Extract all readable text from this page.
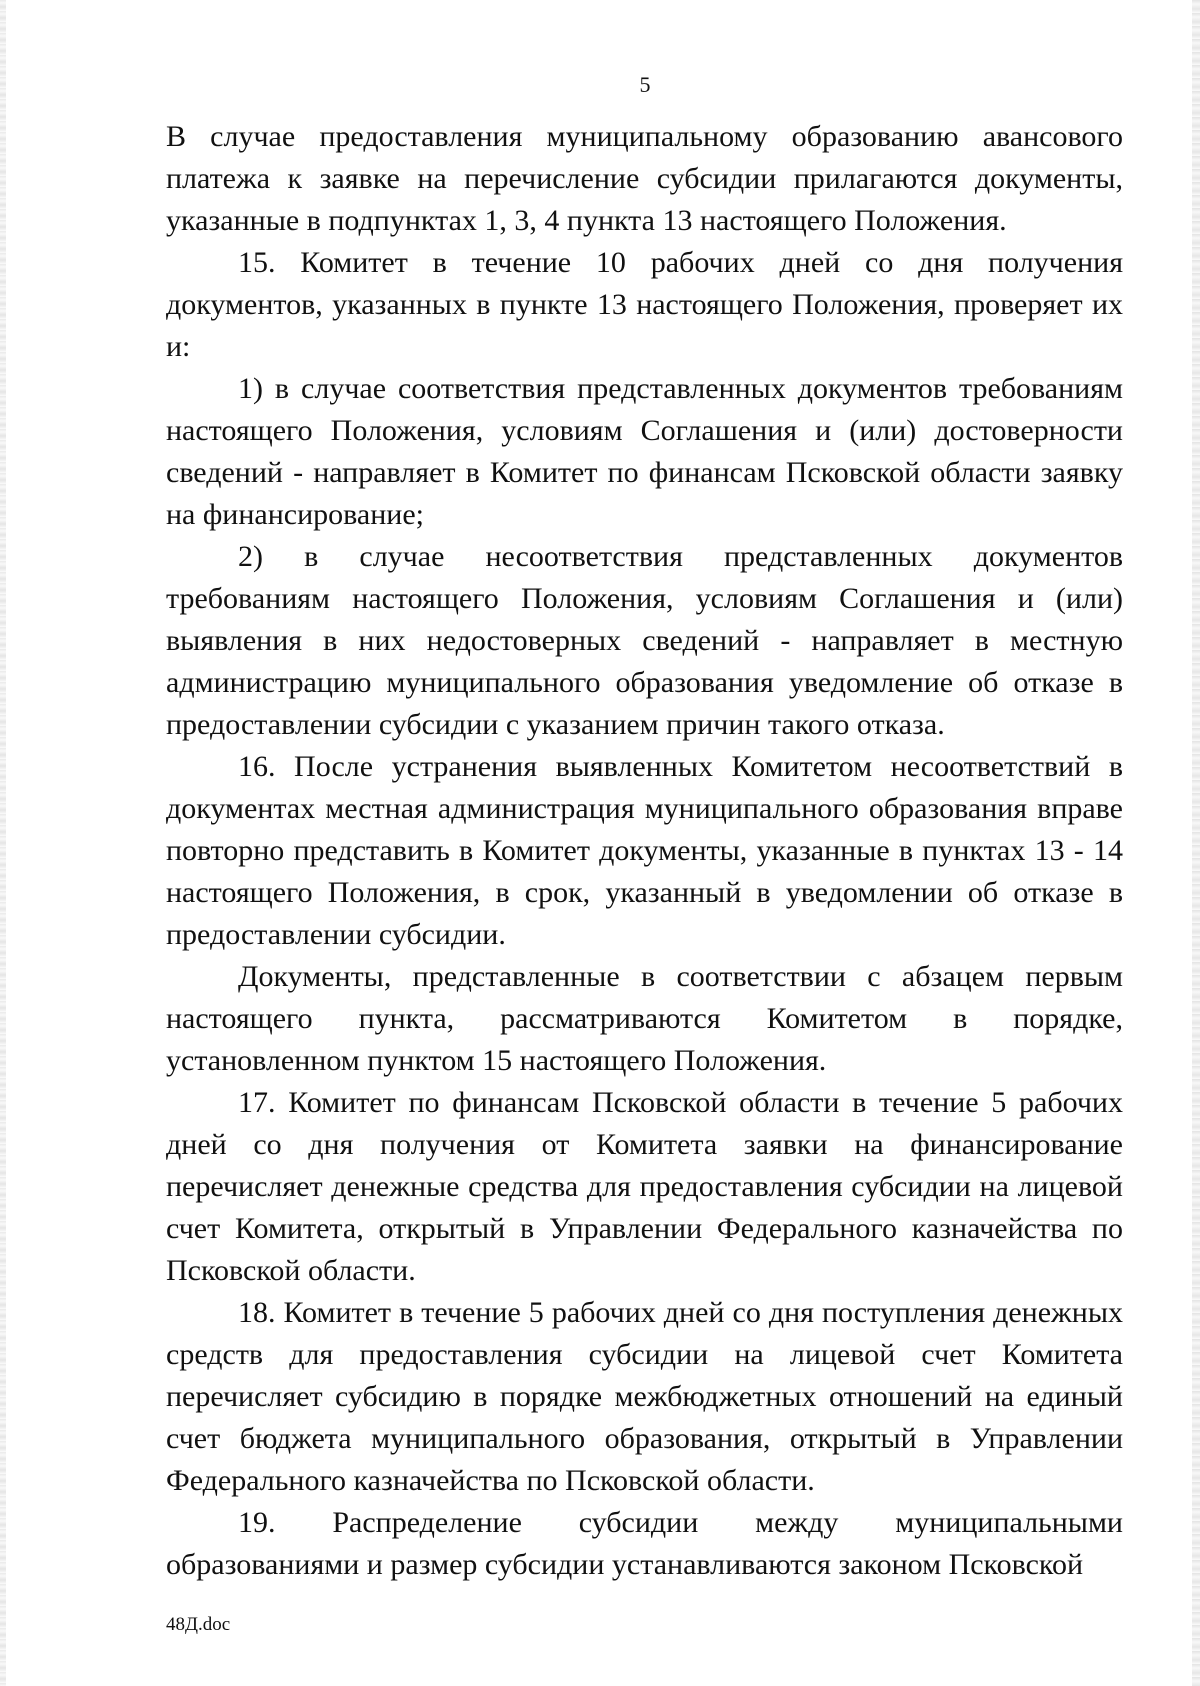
5

В случае предоставления муниципальному образованию авансового платежа к заявке на перечисление субсидии прилагаются документы, указанные в подпунктах 1, 3, 4 пункта 13 настоящего Положения.

15. Комитет в течение 10 рабочих дней со дня получения документов, указанных в пункте 13 настоящего Положения, проверяет их и:

1) в случае соответствия представленных документов требованиям настоящего Положения, условиям Соглашения и (или) достоверности сведений - направляет в Комитет по финансам Псковской области заявку на финансирование;

2) в случае несоответствия представленных документов требованиям настоящего Положения, условиям Соглашения и (или) выявления в них недостоверных сведений - направляет в местную администрацию муниципального образования уведомление об отказе в предоставлении субсидии с указанием причин такого отказа.

16. После устранения выявленных Комитетом несоответствий в документах местная администрация муниципального образования вправе повторно представить в Комитет документы, указанные в пунктах 13 - 14 настоящего Положения, в срок, указанный в уведомлении об отказе в предоставлении субсидии.

Документы, представленные в соответствии с абзацем первым настоящего пункта, рассматриваются Комитетом в порядке, установленном пунктом 15 настоящего Положения.

17. Комитет по финансам Псковской области в течение 5 рабочих дней со дня получения от Комитета заявки на финансирование перечисляет денежные средства для предоставления субсидии на лицевой счет Комитета, открытый в Управлении Федерального казначейства по Псковской области.

18. Комитет в течение 5 рабочих дней со дня поступления денежных средств для предоставления субсидии на лицевой счет Комитета перечисляет субсидию в порядке межбюджетных отношений на единый счет бюджета муниципального образования, открытый в Управлении Федерального казначейства по Псковской области.

19. Распределение субсидии между муниципальными образованиями и размер субсидии устанавливаются законом Псковской

48Д.doc
